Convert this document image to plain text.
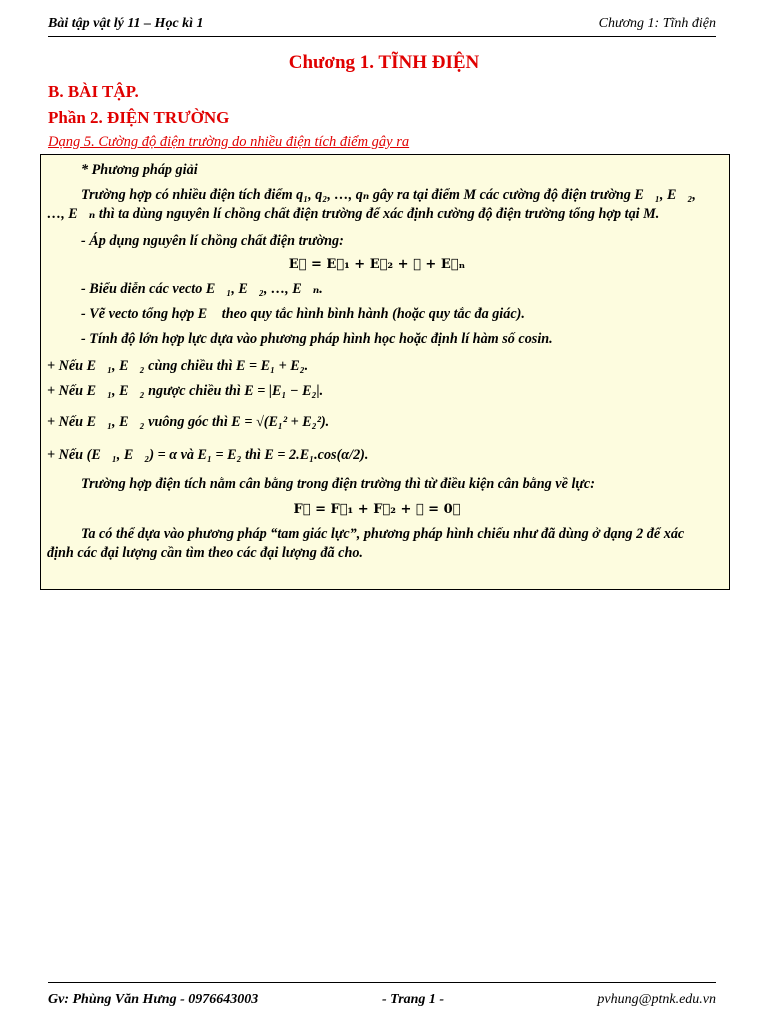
Bài tập vật lý 11 – Học kì 1	Chương 1: Tĩnh điện
Chương 1. TĨNH ĐIỆN
B. BÀI TẬP.
Phần 2. ĐIỆN TRƯỜNG
Dạng 5. Cường độ điện trường do nhiều điện tích điểm gây ra

* Phương pháp giải

Trường hợp có nhiều điện tích điểm q₁, q₂, …, qₙ gây ra tại điểm M các cường độ điện trường E⃗₁, E⃗₂, …, E⃗ₙ thì ta dùng nguyên lí chồng chất điện trường để xác định cường độ điện trường tổng hợp tại M.

- Áp dụng nguyên lí chồng chất điện trường:

E⃗ = E⃗₁ + E⃗₂ + ⋯ + E⃗ₙ

- Biểu diễn các vecto E⃗₁, E⃗₂, …, E⃗ₙ.

- Vẽ vecto tổng hợp E⃗ theo quy tắc hình bình hành (hoặc quy tắc đa giác).

- Tính độ lớn hợp lực dựa vào phương pháp hình học hoặc định lí hàm số cosin.

+ Nếu E⃗₁, E⃗₂ cùng chiều thì E = E₁ + E₂.

+ Nếu E⃗₁, E⃗₂ ngược chiều thì E = |E₁ − E₂|.

+ Nếu E⃗₁, E⃗₂ vuông góc thì E = √(E₁² + E₂²).

+ Nếu (E⃗₁, E⃗₂) = α và E₁ = E₂ thì E = 2.E₁.cos(α/2).

Trường hợp điện tích nằm cân bằng trong điện trường thì từ điều kiện cân bằng về lực:

F⃗ = F⃗₁ + F⃗₂ + ⋯ = 0⃗

Ta có thể dựa vào phương pháp “tam giác lực”, phương pháp hình chiếu như đã dùng ở dạng 2 để xác định các đại lượng cần tìm theo các đại lượng đã cho.

Gv: Phùng Văn Hưng - 0976643003	- Trang 1 -	pvhung@ptnk.edu.vn
